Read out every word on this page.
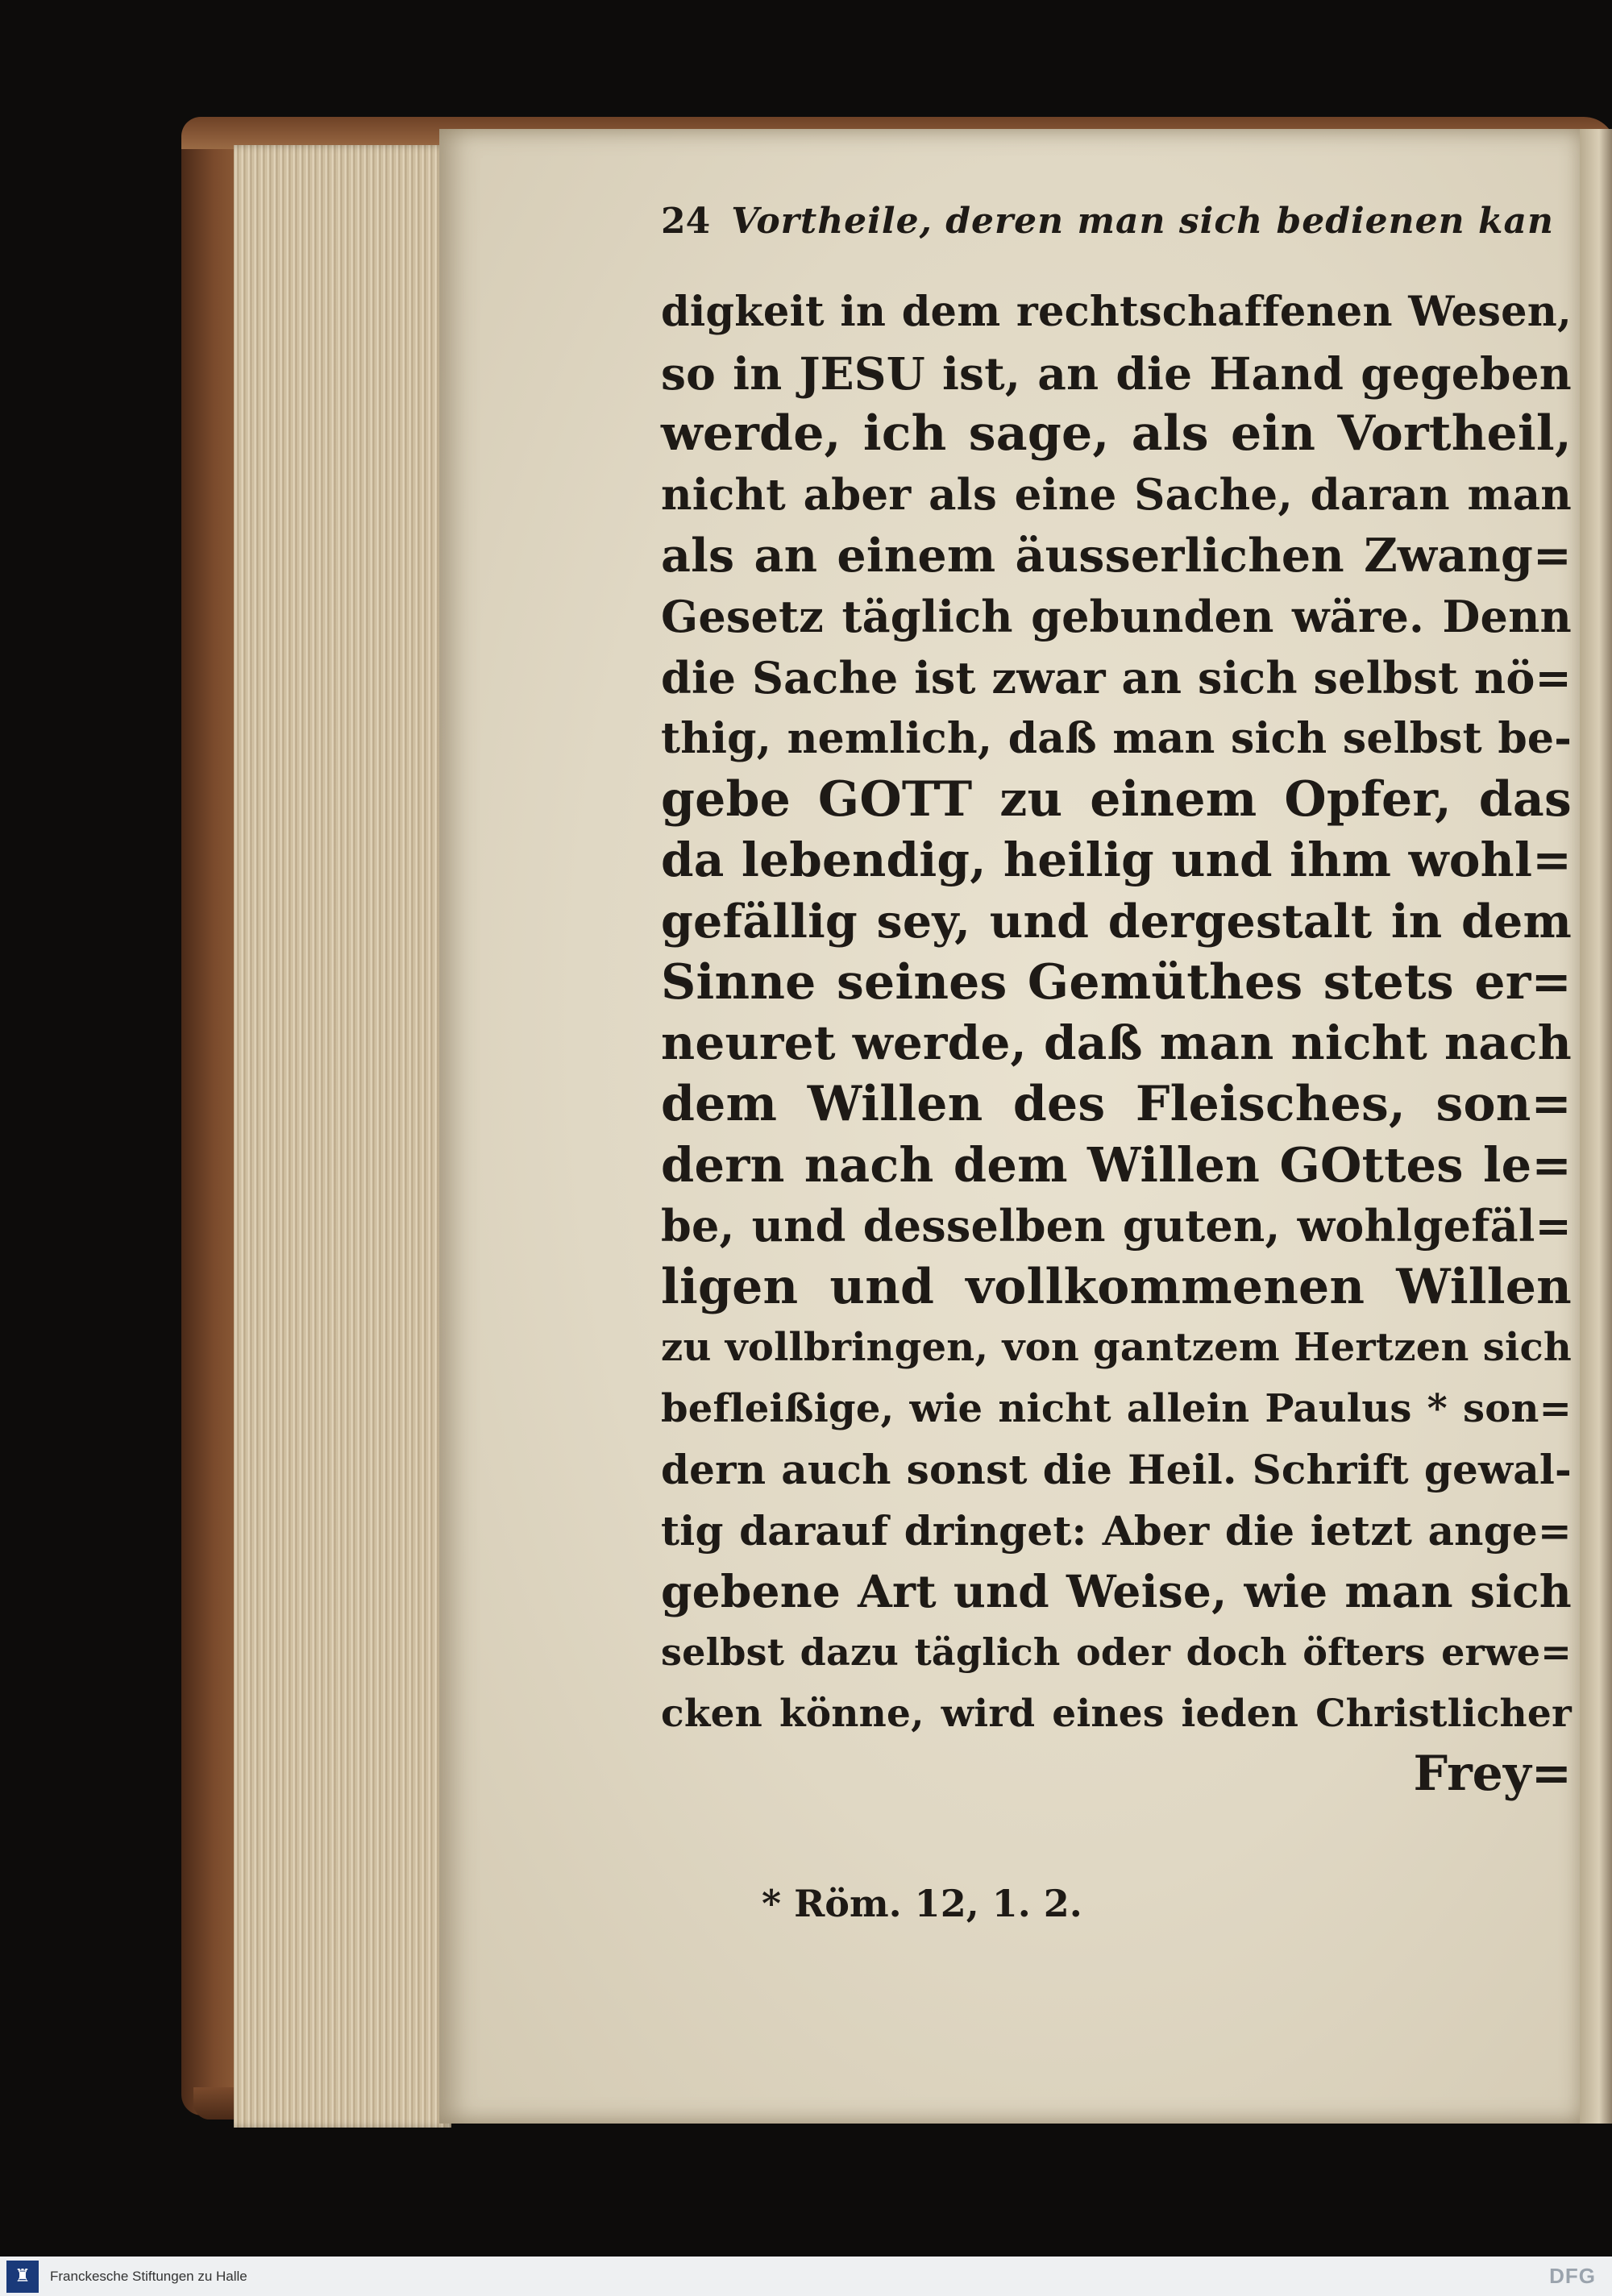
24 Vortheile, deren man sich bedienen kan
digkeit in dem rechtschaffenen Wesen,
so in JESU ist, an die Hand gegeben
werde, ich sage, als ein Vortheil,
nicht aber als eine Sache, daran man
als an einem äusserlichen Zwang=
Gesetz täglich gebunden wäre. Denn
die Sache ist zwar an sich selbst nö=
thig, nemlich, daß man sich selbst be-
gebe GOTT zu einem Opfer, das
da lebendig, heilig und ihm wohl=
gefällig sey, und dergestalt in dem
Sinne seines Gemüthes stets er=
neuret werde, daß man nicht nach
dem Willen des Fleisches, son=
dern nach dem Willen GOttes le=
be, und desselben guten, wohlgefäl=
ligen und vollkommenen Willen
zu vollbringen, von gantzem Hertzen sich
befleißige, wie nicht allein Paulus * son=
dern auch sonst die Heil. Schrift gewal-
tig darauf dringet: Aber die ietzt ange=
gebene Art und Weise, wie man sich
selbst dazu täglich oder doch öfters erwe=
cken könne, wird eines ieden Christlicher
Frey=
* Röm. 12, 1. 2.
♜	Franckesche Stiftungen zu Halle	DFG
